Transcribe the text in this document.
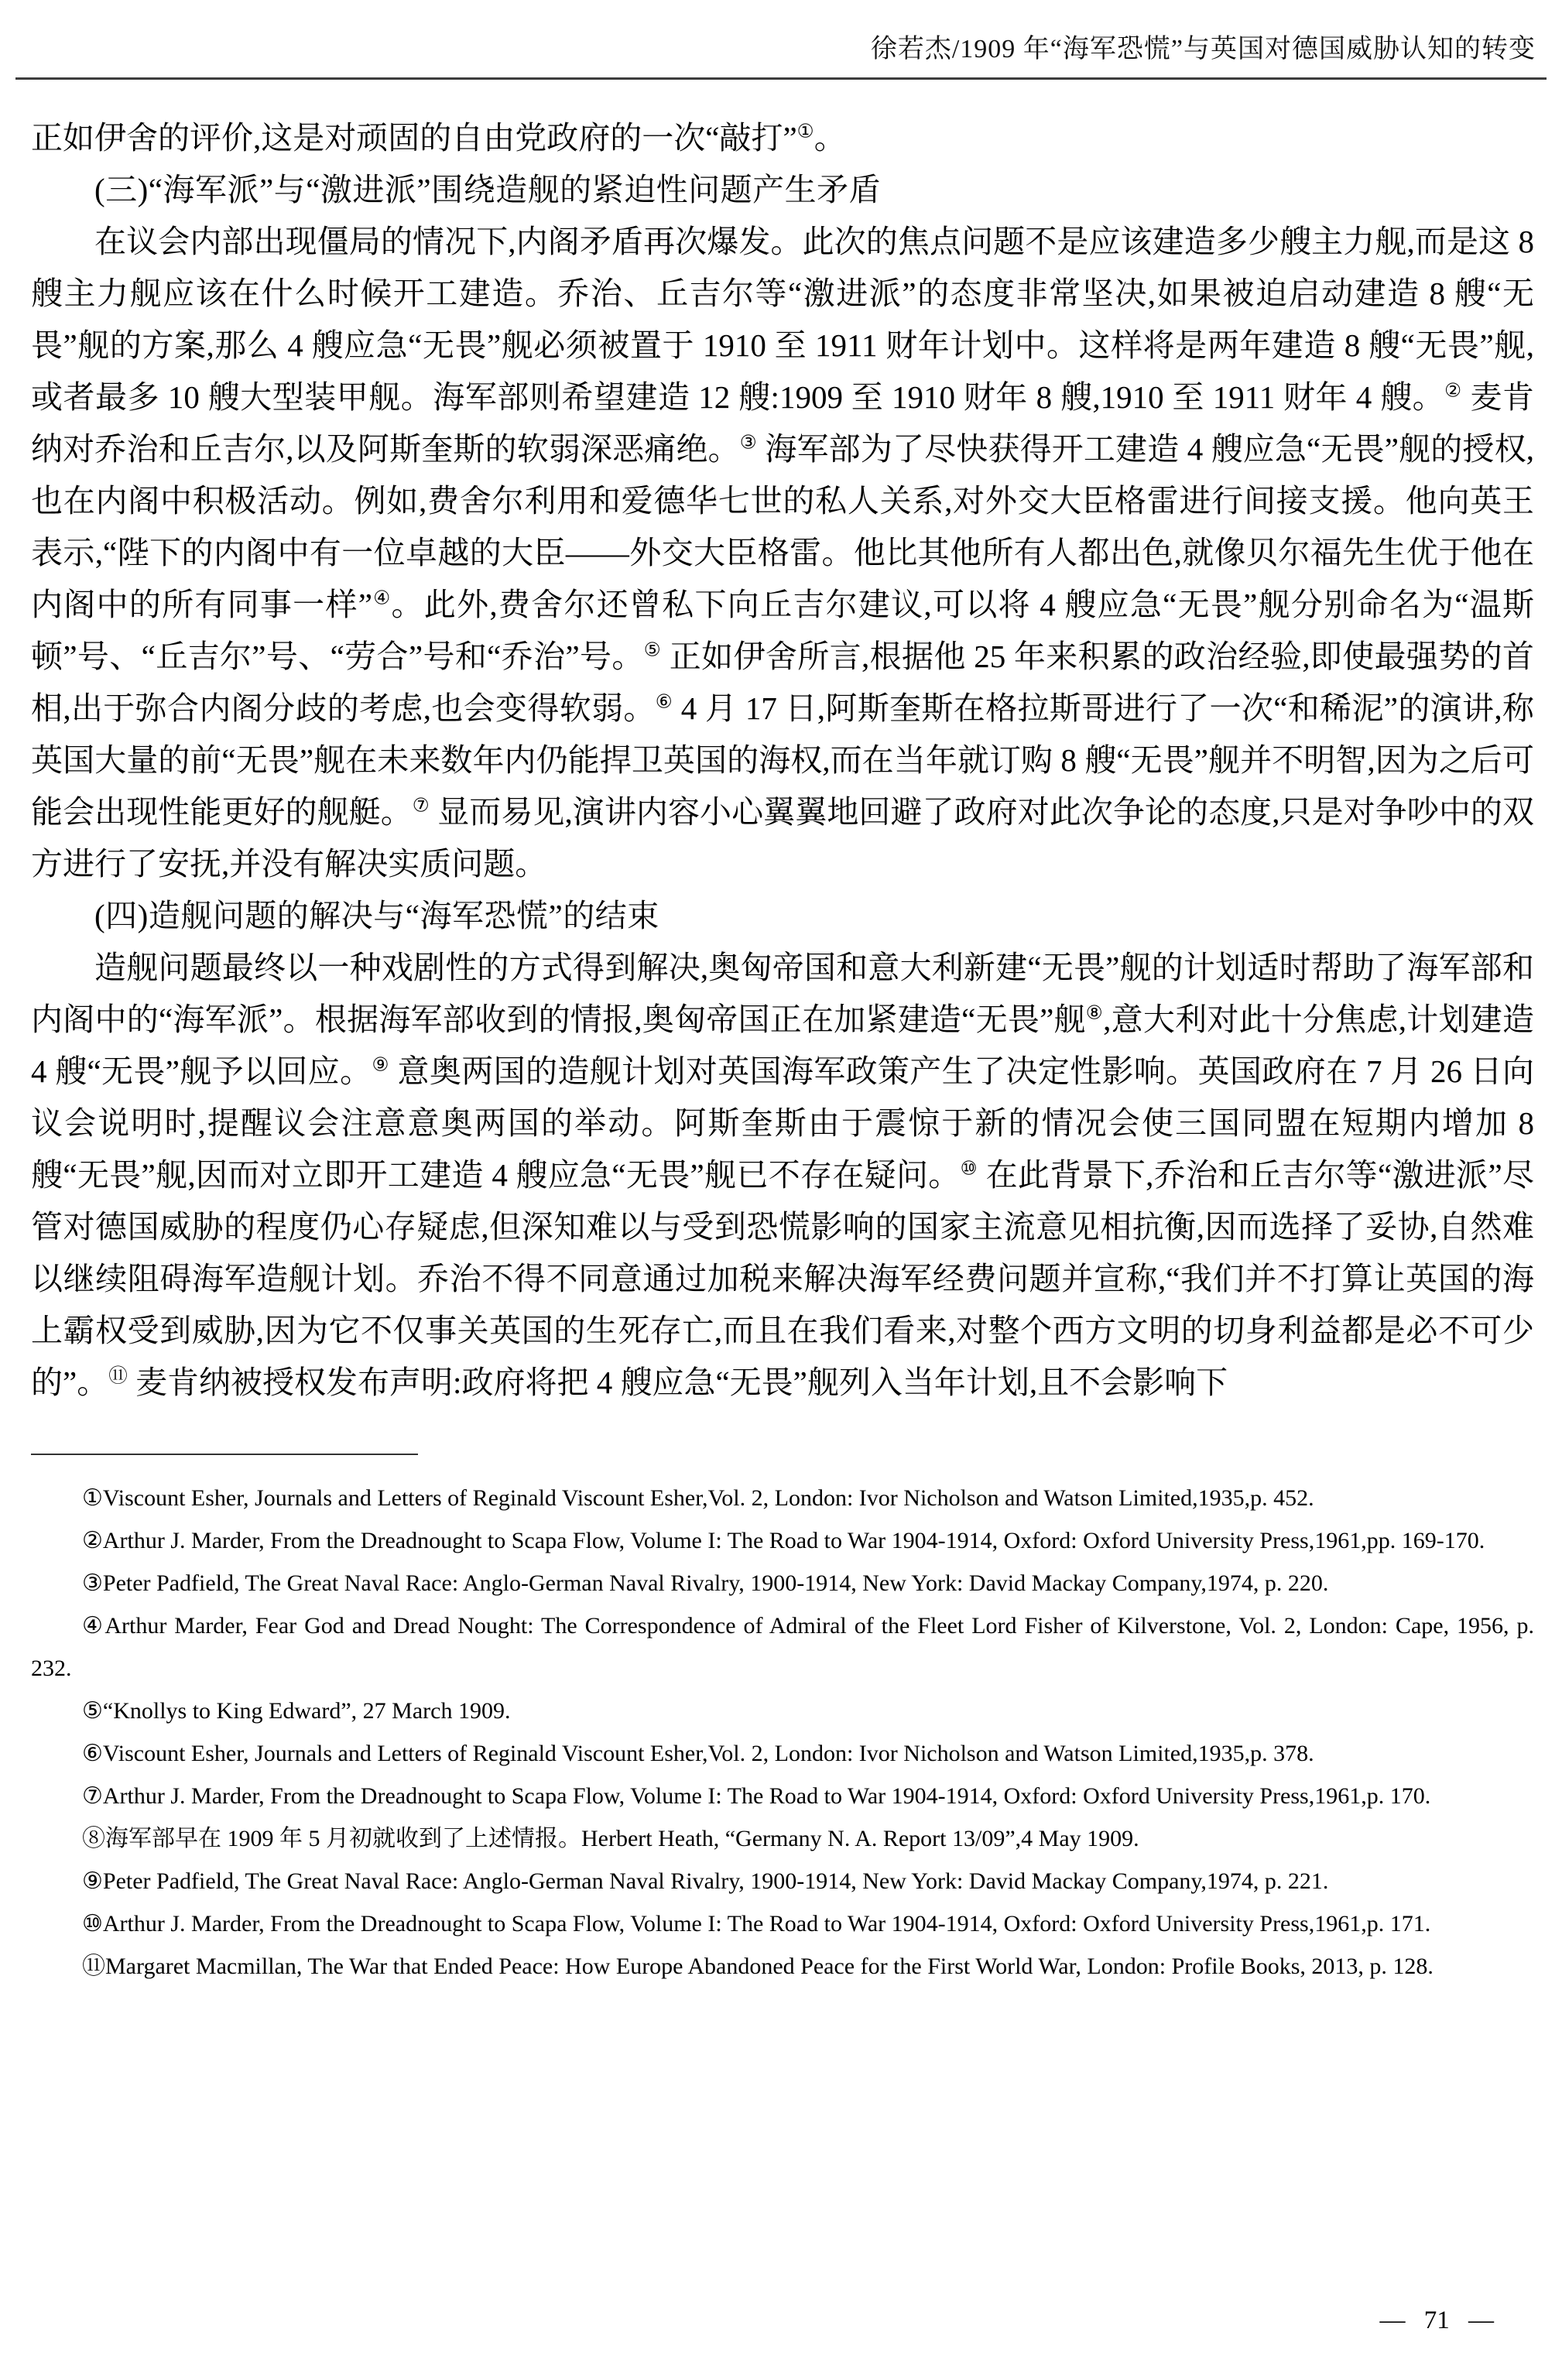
徐若杰/1909 年“海军恐慌”与英国对德国威胁认知的转变

正如伊舍的评价,这是对顽固的自由党政府的一次“敲打”①。

(三)“海军派”与“激进派”围绕造舰的紧迫性问题产生矛盾

在议会内部出现僵局的情况下,内阁矛盾再次爆发。此次的焦点问题不是应该建造多少艘主力舰,而是这 8 艘主力舰应该在什么时候开工建造。乔治、丘吉尔等“激进派”的态度非常坚决,如果被迫启动建造 8 艘“无畏”舰的方案,那么 4 艘应急“无畏”舰必须被置于 1910 至 1911 财年计划中。这样将是两年建造 8 艘“无畏”舰,或者最多 10 艘大型装甲舰。海军部则希望建造 12 艘:1909 至 1910 财年 8 艘,1910 至 1911 财年 4 艘。② 麦肯纳对乔治和丘吉尔,以及阿斯奎斯的软弱深恶痛绝。③ 海军部为了尽快获得开工建造 4 艘应急“无畏”舰的授权,也在内阁中积极活动。例如,费舍尔利用和爱德华七世的私人关系,对外交大臣格雷进行间接支援。他向英王表示,“陛下的内阁中有一位卓越的大臣——外交大臣格雷。他比其他所有人都出色,就像贝尔福先生优于他在内阁中的所有同事一样”④。此外,费舍尔还曾私下向丘吉尔建议,可以将 4 艘应急“无畏”舰分别命名为“温斯顿”号、“丘吉尔”号、“劳合”号和“乔治”号。⑤ 正如伊舍所言,根据他 25 年来积累的政治经验,即使最强势的首相,出于弥合内阁分歧的考虑,也会变得软弱。⑥ 4 月 17 日,阿斯奎斯在格拉斯哥进行了一次“和稀泥”的演讲,称英国大量的前“无畏”舰在未来数年内仍能捍卫英国的海权,而在当年就订购 8 艘“无畏”舰并不明智,因为之后可能会出现性能更好的舰艇。⑦ 显而易见,演讲内容小心翼翼地回避了政府对此次争论的态度,只是对争吵中的双方进行了安抚,并没有解决实质问题。

(四)造舰问题的解决与“海军恐慌”的结束

造舰问题最终以一种戏剧性的方式得到解决,奥匈帝国和意大利新建“无畏”舰的计划适时帮助了海军部和内阁中的“海军派”。根据海军部收到的情报,奥匈帝国正在加紧建造“无畏”舰⑧,意大利对此十分焦虑,计划建造 4 艘“无畏”舰予以回应。⑨ 意奥两国的造舰计划对英国海军政策产生了决定性影响。英国政府在 7 月 26 日向议会说明时,提醒议会注意意奥两国的举动。阿斯奎斯由于震惊于新的情况会使三国同盟在短期内增加 8 艘“无畏”舰,因而对立即开工建造 4 艘应急“无畏”舰已不存在疑问。⑩ 在此背景下,乔治和丘吉尔等“激进派”尽管对德国威胁的程度仍心存疑虑,但深知难以与受到恐慌影响的国家主流意见相抗衡,因而选择了妥协,自然难以继续阻碍海军造舰计划。乔治不得不同意通过加税来解决海军经费问题并宣称,“我们并不打算让英国的海上霸权受到威胁,因为它不仅事关英国的生死存亡,而且在我们看来,对整个西方文明的切身利益都是必不可少的”。⑪ 麦肯纳被授权发布声明:政府将把 4 艘应急“无畏”舰列入当年计划,且不会影响下

①Viscount Esher, Journals and Letters of Reginald Viscount Esher,Vol. 2, London: Ivor Nicholson and Watson Limited,1935,p. 452.

②Arthur J. Marder, From the Dreadnought to Scapa Flow, Volume I: The Road to War 1904-1914, Oxford: Oxford University Press,1961,pp. 169-170.

③Peter Padfield, The Great Naval Race: Anglo-German Naval Rivalry, 1900-1914, New York: David Mackay Company,1974, p. 220.

④Arthur Marder, Fear God and Dread Nought: The Correspondence of Admiral of the Fleet Lord Fisher of Kilverstone, Vol. 2, London: Cape, 1956, p. 232.

⑤“Knollys to King Edward”, 27 March 1909.

⑥Viscount Esher, Journals and Letters of Reginald Viscount Esher,Vol. 2, London: Ivor Nicholson and Watson Limited,1935,p. 378.

⑦Arthur J. Marder, From the Dreadnought to Scapa Flow, Volume I: The Road to War 1904-1914, Oxford: Oxford University Press,1961,p. 170.

⑧海军部早在 1909 年 5 月初就收到了上述情报。Herbert Heath, “Germany N. A. Report 13/09”,4 May 1909.

⑨Peter Padfield, The Great Naval Race: Anglo-German Naval Rivalry, 1900-1914, New York: David Mackay Company,1974, p. 221.

⑩Arthur J. Marder, From the Dreadnought to Scapa Flow, Volume I: The Road to War 1904-1914, Oxford: Oxford University Press,1961,p. 171.

⑪Margaret Macmillan, The War that Ended Peace: How Europe Abandoned Peace for the First World War, London: Profile Books, 2013, p. 128.

— 71 —
